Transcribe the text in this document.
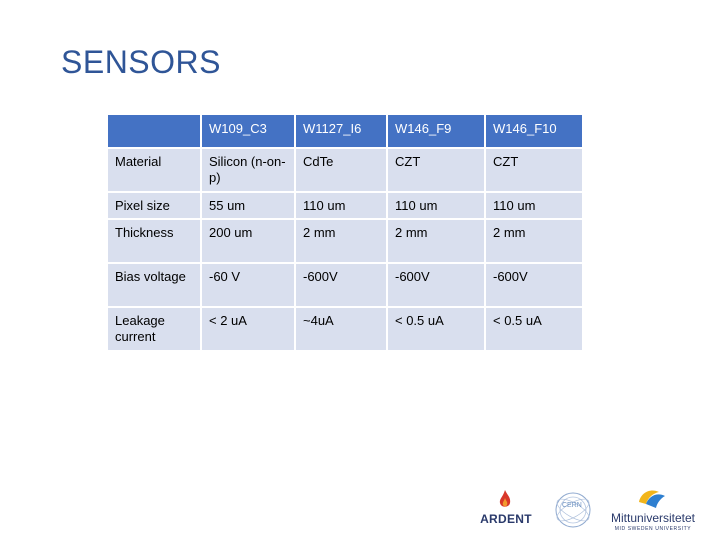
SENSORS
	W109_C3	W1127_I6	W146_F9	W146_F10
Material	Silicon (n-on- p)	CdTe	CZT	CZT
Pixel size	55 um	110 um	110 um	110 um
Thickness	200 um	2 mm	2 mm	2 mm
Bias voltage	-60 V	-600V	-600V	-600V
Leakage current	< 2 uA	~4uA	< 0.5 uA	< 0.5 uA
ARDENT
CERN
Mittuniversitetet
MID SWEDEN UNIVERSITY
